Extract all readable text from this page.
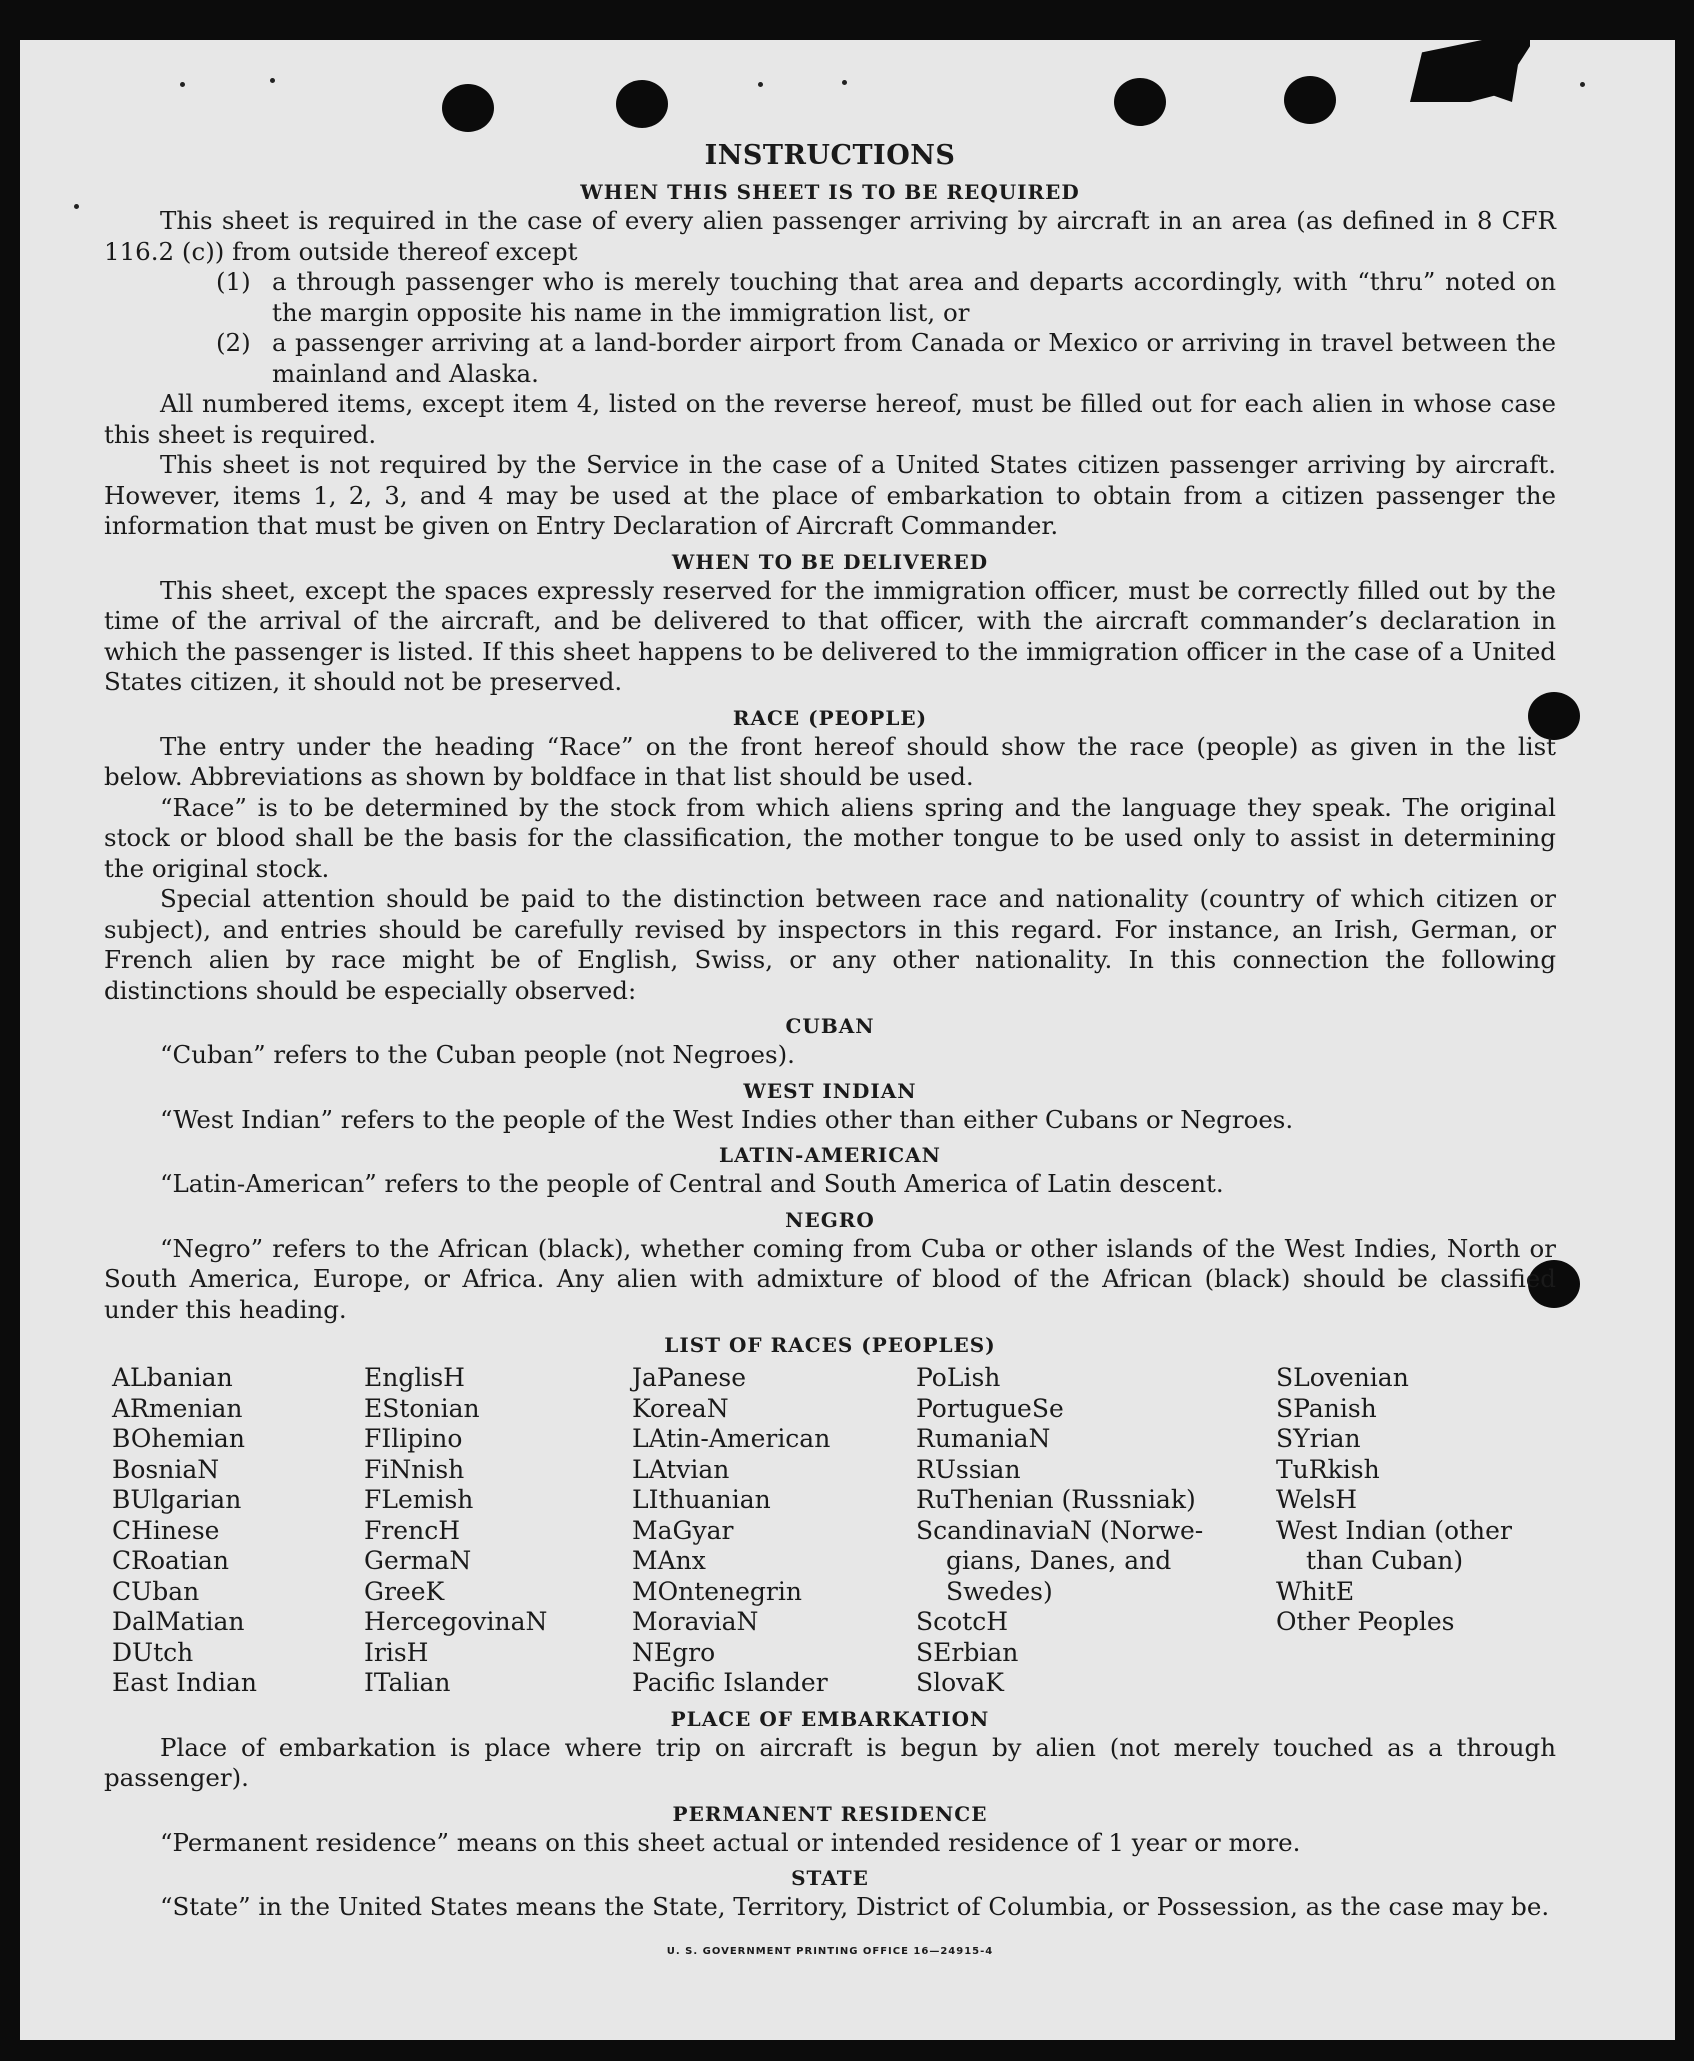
INSTRUCTIONS
WHEN THIS SHEET IS TO BE REQUIRED

This sheet is required in the case of every alien passenger arriving by aircraft in an area (as defined in 8 CFR 116.2 (c)) from outside thereof except

(1) a through passenger who is merely touching that area and departs accordingly, with “thru” noted on the margin opposite his name in the immigration list, or
(2) a passenger arriving at a land-border airport from Canada or Mexico or arriving in travel between the mainland and Alaska.

All numbered items, except item 4, listed on the reverse hereof, must be filled out for each alien in whose case this sheet is required.

This sheet is not required by the Service in the case of a United States citizen passenger arriving by aircraft. However, items 1, 2, 3, and 4 may be used at the place of embarkation to obtain from a citizen passenger the information that must be given on Entry Declaration of Aircraft Commander.

WHEN TO BE DELIVERED

This sheet, except the spaces expressly reserved for the immigration officer, must be correctly filled out by the time of the arrival of the aircraft, and be delivered to that officer, with the aircraft commander’s declaration in which the passenger is listed. If this sheet happens to be delivered to the immigration officer in the case of a United States citizen, it should not be preserved.

RACE (PEOPLE)

The entry under the heading “Race” on the front hereof should show the race (people) as given in the list below. Abbreviations as shown by boldface in that list should be used.

“Race” is to be determined by the stock from which aliens spring and the language they speak. The original stock or blood shall be the basis for the classification, the mother tongue to be used only to assist in determining the original stock.

Special attention should be paid to the distinction between race and nationality (country of which citizen or subject), and entries should be carefully revised by inspectors in this regard. For instance, an Irish, German, or French alien by race might be of English, Swiss, or any other nationality. In this connection the following distinctions should be especially observed:

CUBAN

“Cuban” refers to the Cuban people (not Negroes).

WEST INDIAN

“West Indian” refers to the people of the West Indies other than either Cubans or Negroes.

LATIN-AMERICAN

“Latin-American” refers to the people of Central and South America of Latin descent.

NEGRO

“Negro” refers to the African (black), whether coming from Cuba or other islands of the West Indies, North or South America, Europe, or Africa. Any alien with admixture of blood of the African (black) should be classified under this heading.

LIST OF RACES (PEOPLES)
ALbanian
ARmenian
BOhemian
BosniaN
BUlgarian
CHinese
CRoatian
CUban
DalMatian
DUtch
East Indian
EnglisH
EStonian
FIlipino
FiNnish
FLemish
FrencH
GermaN
GreeK
HercegovinaN
IrisH
ITalian
JaPanese
KoreaN
LAtin-American
LAtvian
LIthuanian
MaGyar
MAnx
MOntenegrin
MoraviaN
NEgro
Pacific Islander
PoLish
PortugueSe
RumaniaN
RUssian
RuThenian (Russniak)
ScandinaviaN (Norwe-
gians, Danes, and
Swedes)
ScotcH
SErbian
SlovaK
SLovenian
SPanish
SYrian
TuRkish
WelsH
West Indian (other
than Cuban)
WhitE
Other Peoples
PLACE OF EMBARKATION

Place of embarkation is place where trip on aircraft is begun by alien (not merely touched as a through passenger).

PERMANENT RESIDENCE

“Permanent residence” means on this sheet actual or intended residence of 1 year or more.

STATE

“State” in the United States means the State, Territory, District of Columbia, or Possession, as the case may be.

U. S. GOVERNMENT PRINTING OFFICE 16—24915-4
